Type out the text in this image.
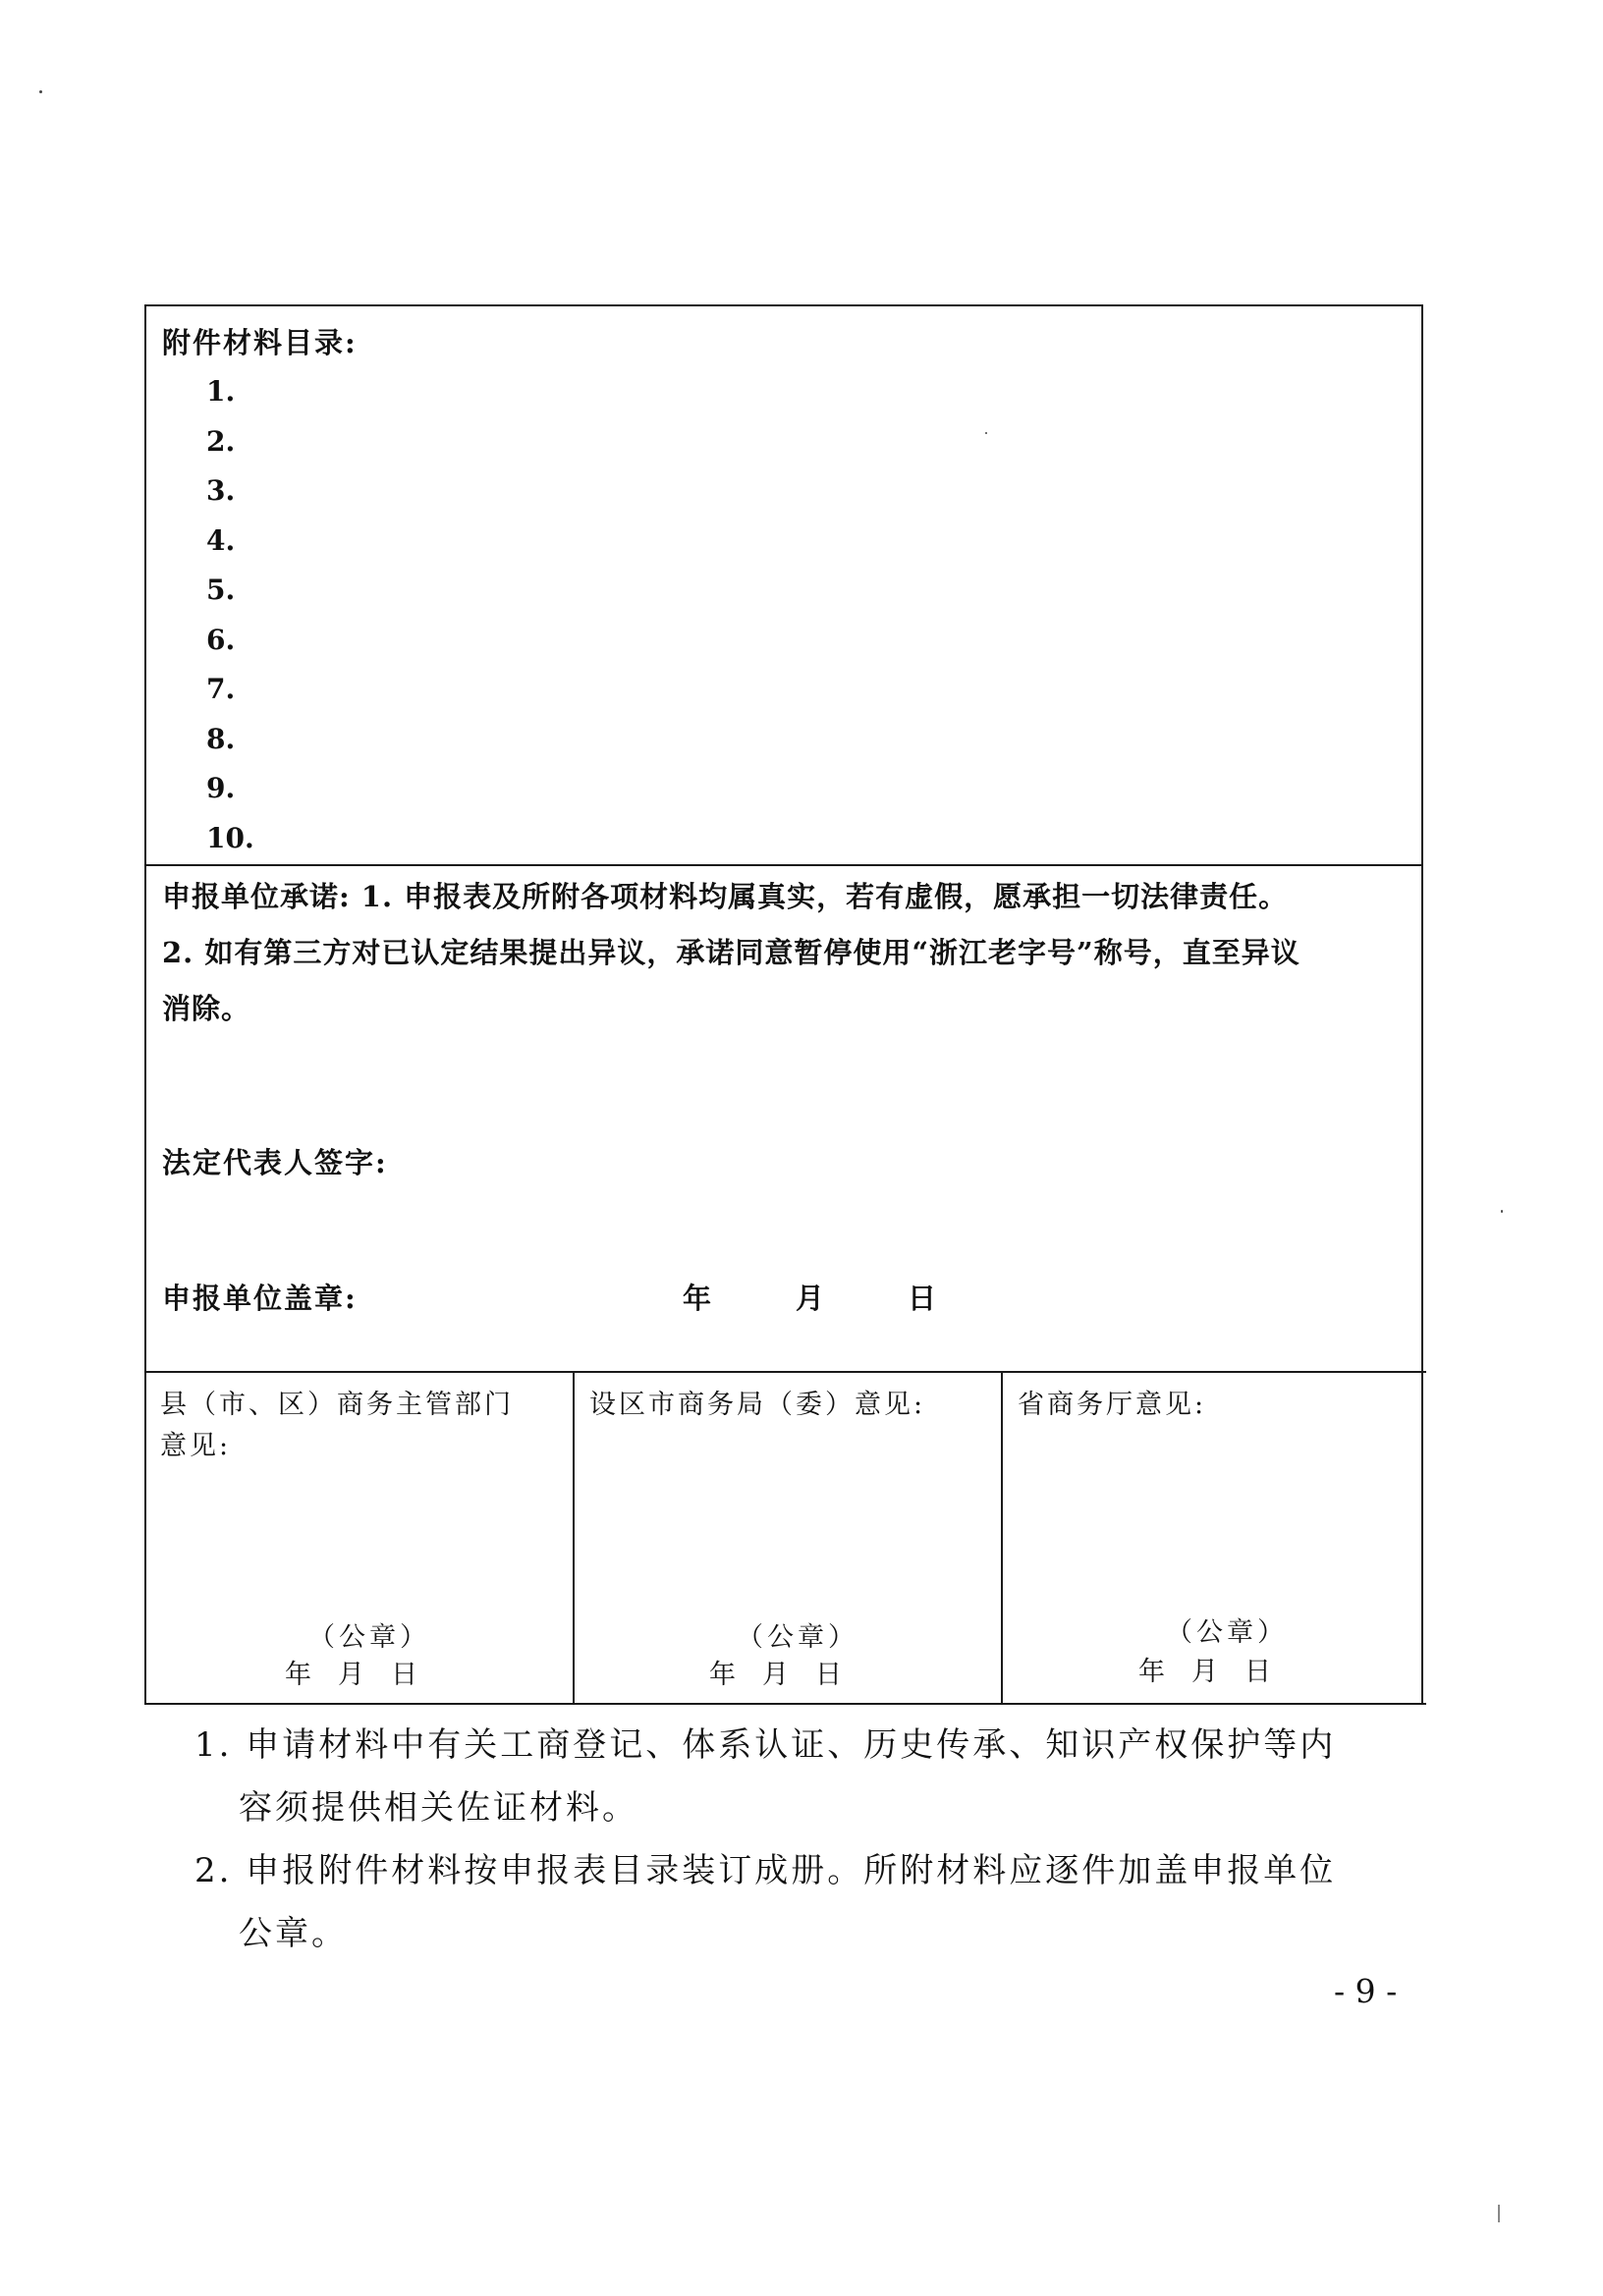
附件材料目录:
1.
2.
3.
4.
5.
6.
7.
8.
9.
10.
申报单位承诺: 1. 申报表及所附各项材料均属真实，若有虚假，愿承担一切法律责任。
2. 如有第三方对已认定结果提出异议，承诺同意暂停使用“浙江老字号”称号，直至异议
消除。
法定代表人签字:
申报单位盖章:	年	月	日
县（市、区）商务主管部门
意见:
（公章）
年　月　日
设区市商务局（委）意见:
（公章）
年　月　日
省商务厅意见:
（公章）
年　月　日
1. 申请材料中有关工商登记、体系认证、历史传承、知识产权保护等内
容须提供相关佐证材料。
2. 申报附件材料按申报表目录装订成册。所附材料应逐件加盖申报单位
公章。
- 9 -
